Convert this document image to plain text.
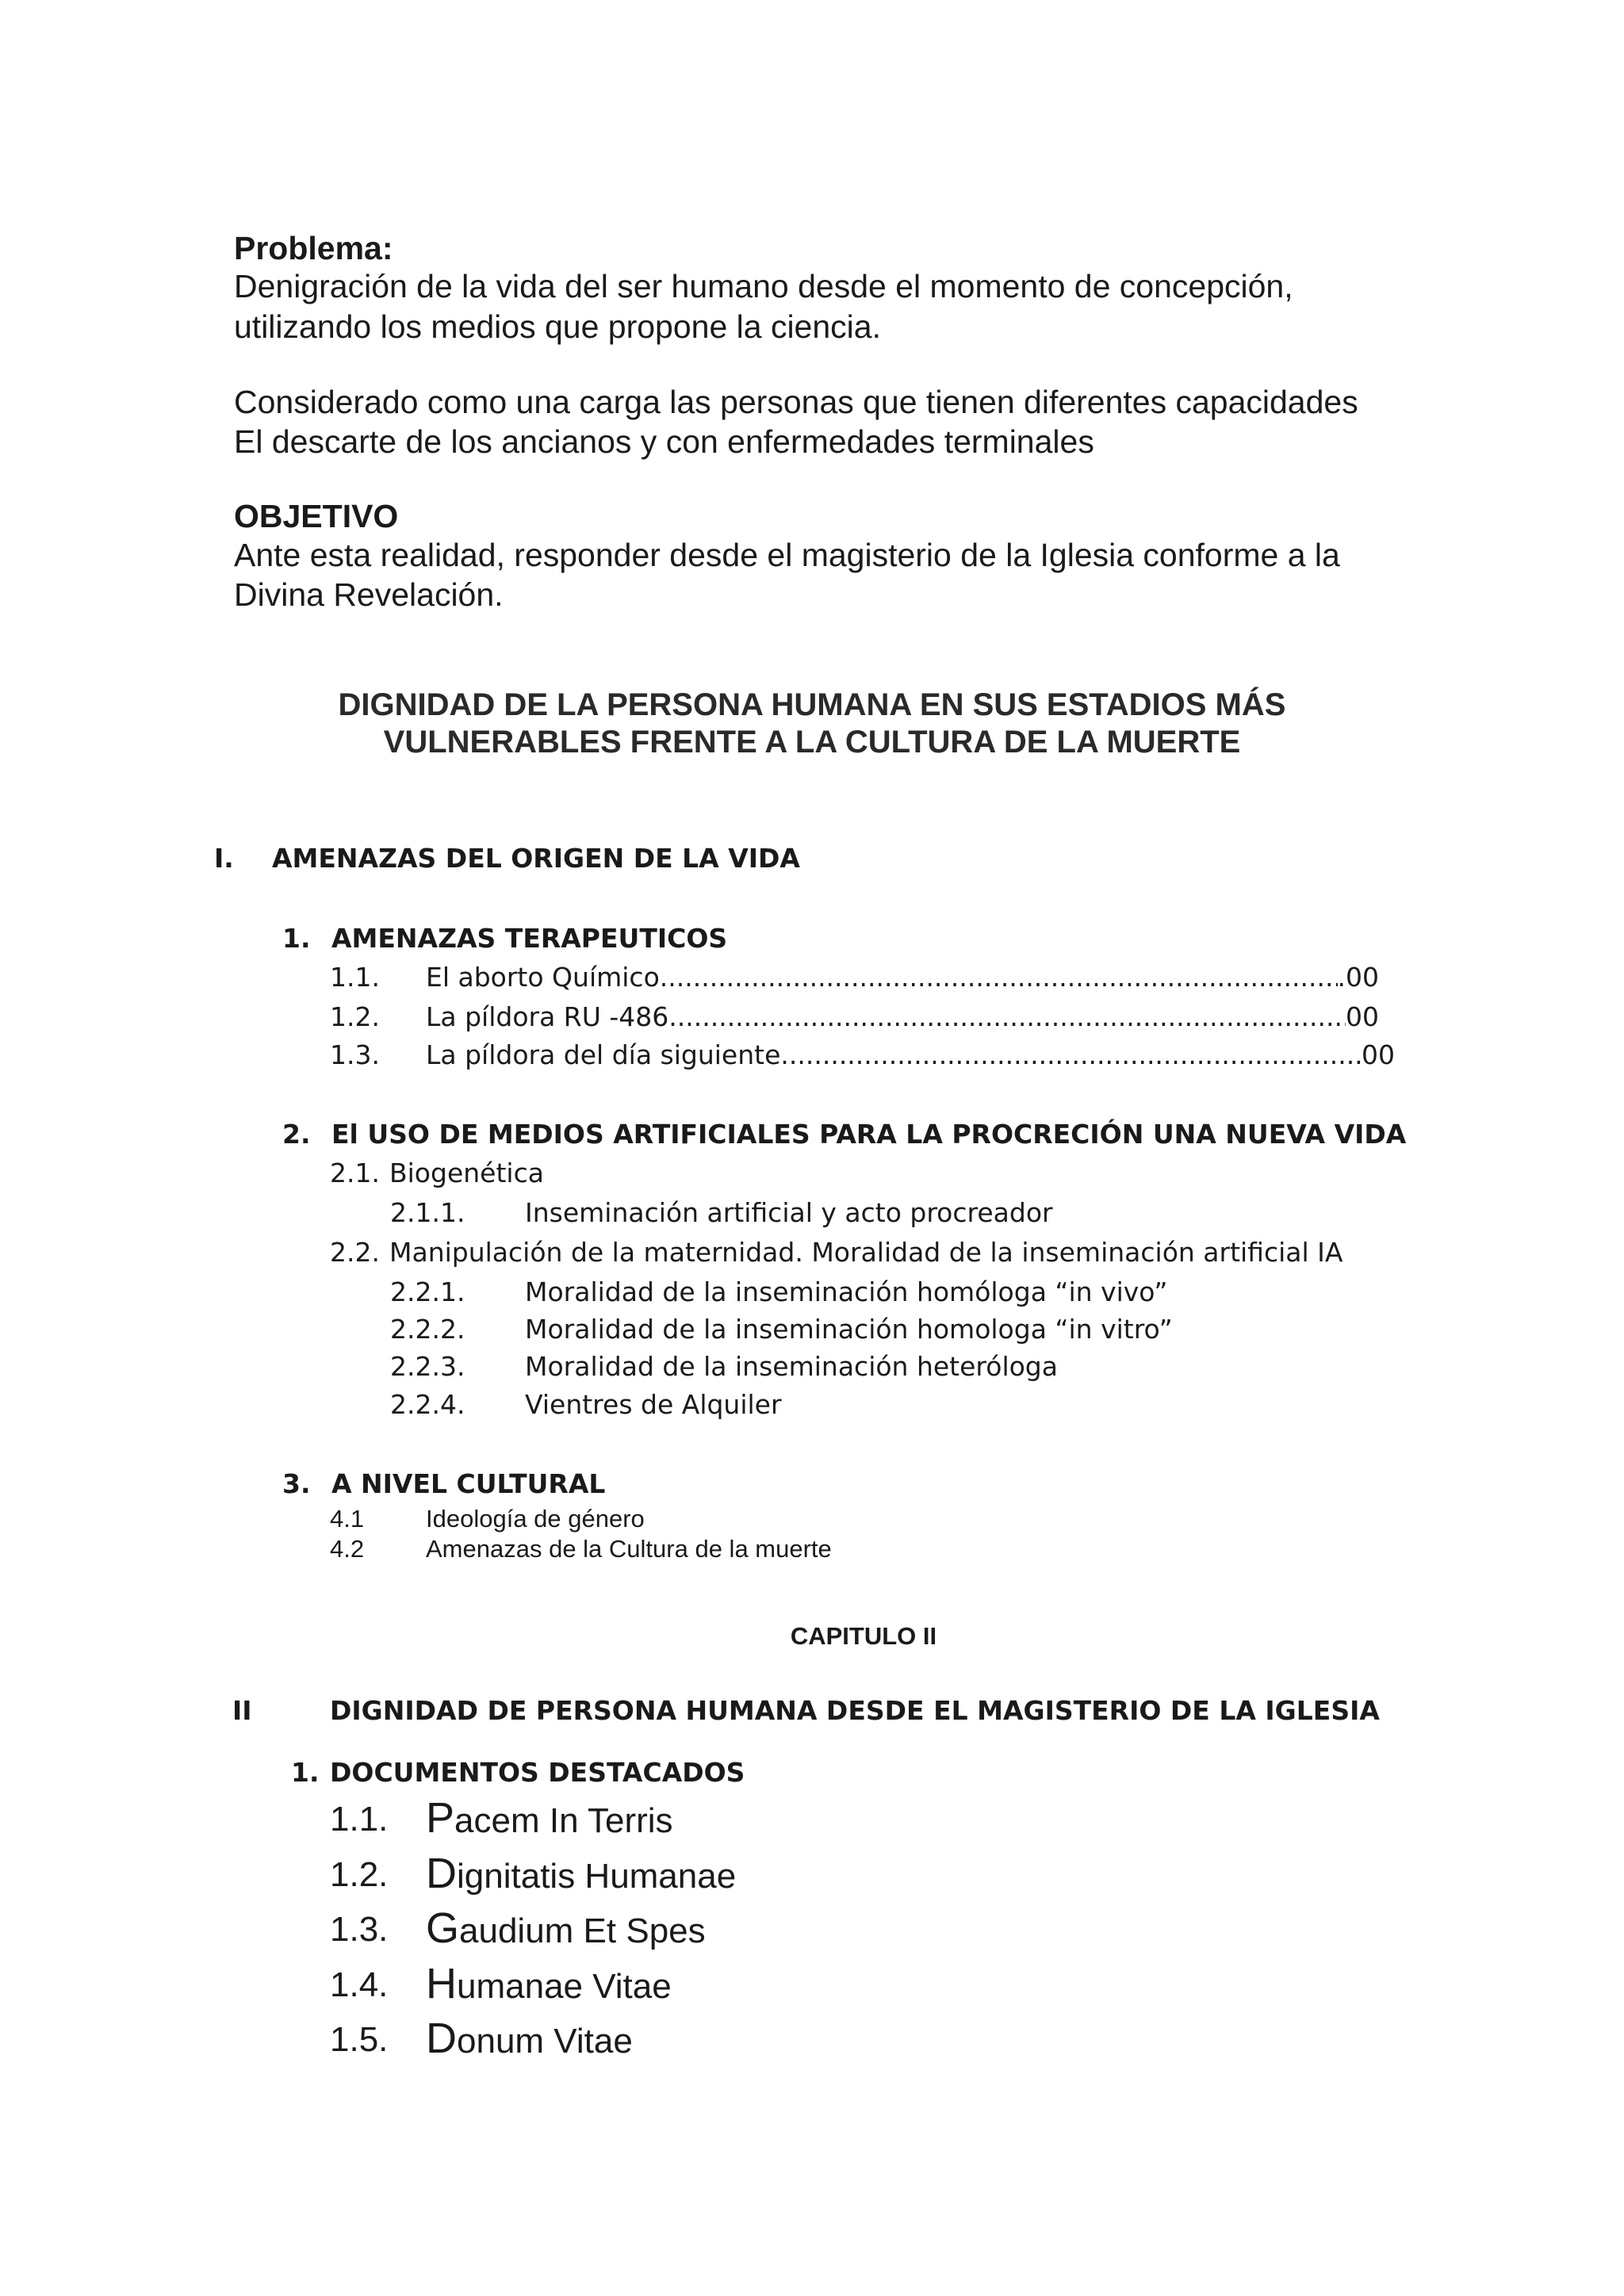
Problema:
Denigración de la vida del ser humano desde el momento de concepción,
utilizando los medios que propone la ciencia.
Considerado como una carga las personas que tienen diferentes capacidades
El descarte de los ancianos y con enfermedades terminales
OBJETIVO
Ante esta realidad, responder desde el magisterio de la Iglesia conforme a la
Divina Revelación.
DIGNIDAD DE LA PERSONA HUMANA EN SUS ESTADIOS MÁS
VULNERABLES FRENTE A LA CULTURA DE LA MUERTE
I. AMENAZAS DEL ORIGEN DE LA VIDA
1. AMENAZAS TERAPEUTICOS
1.1. El aborto Químico .....	.00
1.2. La píldora RU -486 .....	00
1.3. La píldora del día siguiente .....	00
2. El USO DE MEDIOS ARTIFICIALES PARA LA PROCRECIÓN UNA NUEVA VIDA
2.1. Biogenética
2.1.1. Inseminación artificial y acto procreador
2.2. Manipulación de la maternidad. Moralidad de la inseminación artificial IA
2.2.1. Moralidad de la inseminación homóloga “in vivo”
2.2.2. Moralidad de la inseminación homologa “in vitro”
2.2.3. Moralidad de la inseminación heteróloga
2.2.4. Vientres de Alquiler
3. A NIVEL CULTURAL
4.1	Ideología de género
4.2	Amenazas de la Cultura de la muerte
CAPITULO II
II	DIGNIDAD DE PERSONA HUMANA DESDE EL MAGISTERIO DE LA IGLESIA
1. DOCUMENTOS DESTACADOS
1.1. Pacem In Terris
1.2. Dignitatis Humanae
1.3. Gaudium Et Spes
1.4. Humanae Vitae
1.5. Donum Vitae
